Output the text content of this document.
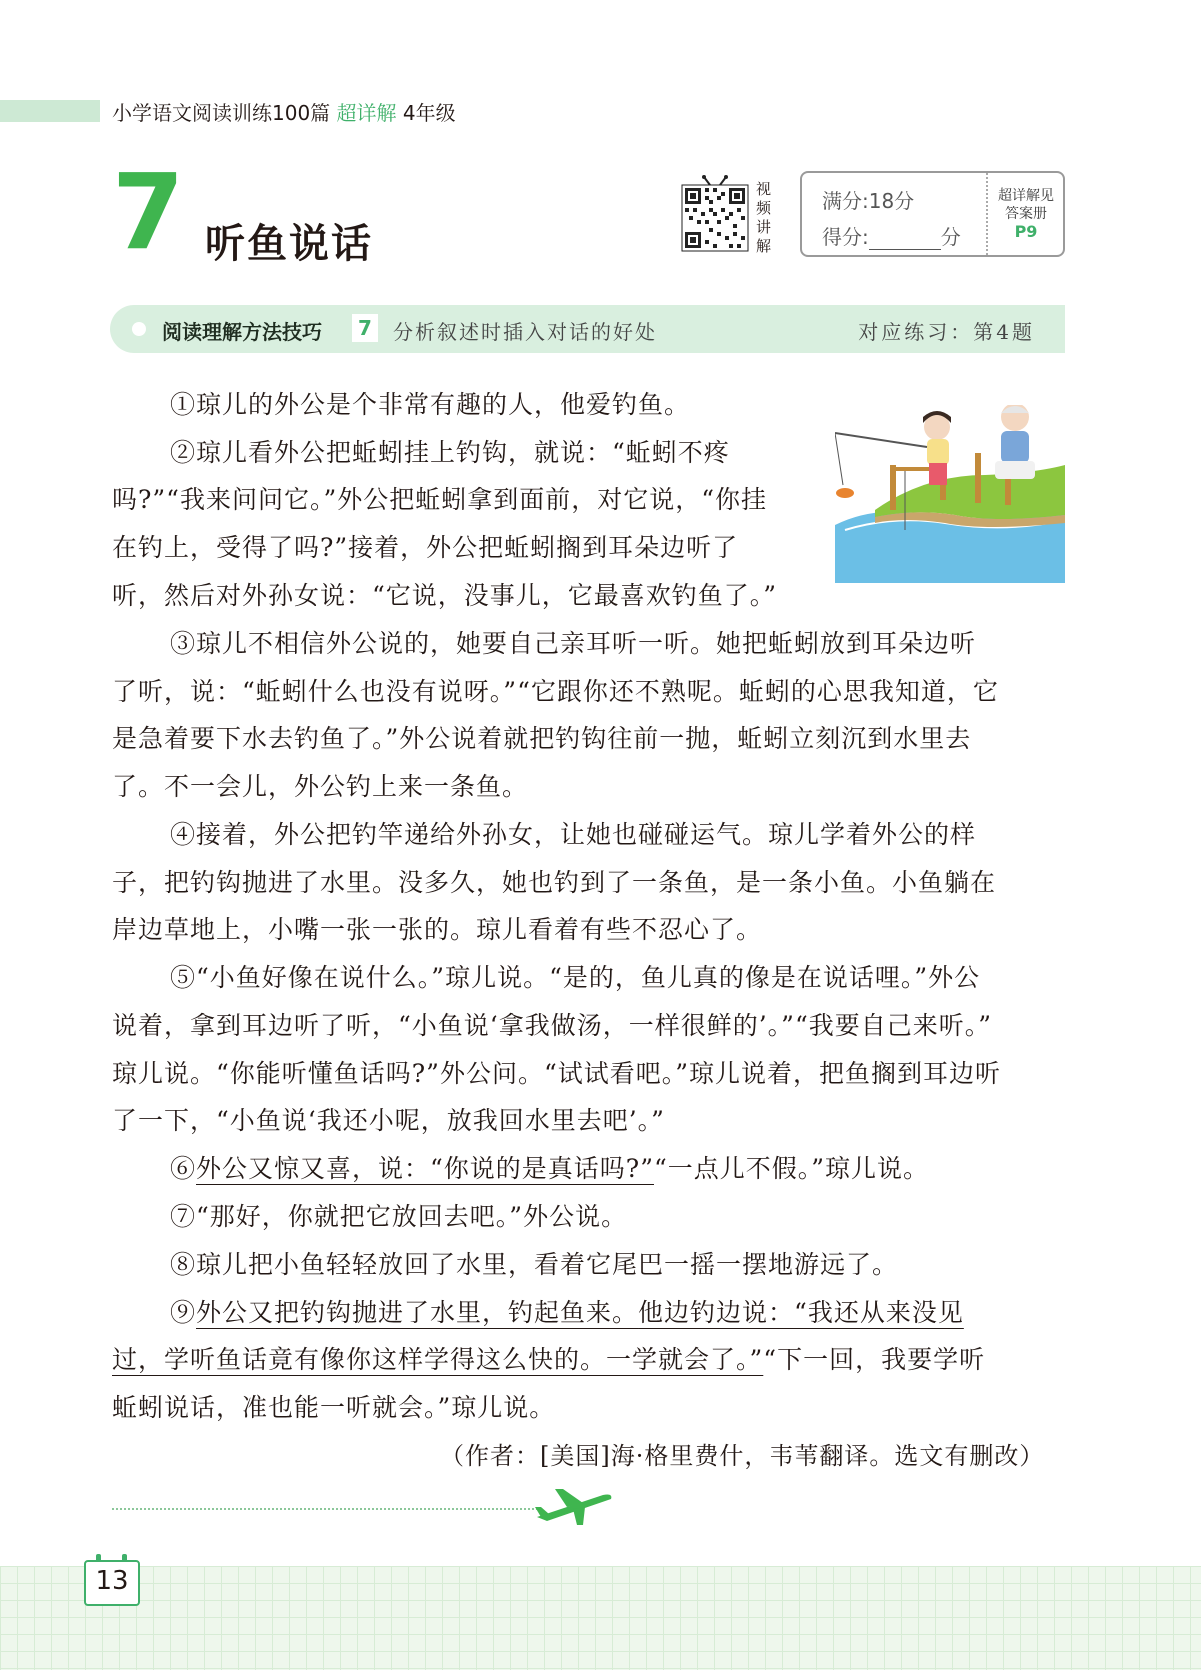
小学语文阅读训练100篇 超详解 4年级
7 听鱼说话
视频讲解
满分:18分
得分:	分
超详解见
答案册
P9
阅读理解方法技巧	7	分析叙述时插入对话的好处	对应练习：第4题
①琼儿的外公是个非常有趣的人，他爱钓鱼。
②琼儿看外公把蚯蚓挂上钓钩，就说：“蚯蚓不疼
吗?”“我来问问它。”外公把蚯蚓拿到面前，对它说，“你挂
在钓上，受得了吗?”接着，外公把蚯蚓搁到耳朵边听了
听，然后对外孙女说：“它说，没事儿，它最喜欢钓鱼了。”
③琼儿不相信外公说的，她要自己亲耳听一听。她把蚯蚓放到耳朵边听
了听，说：“蚯蚓什么也没有说呀。”“它跟你还不熟呢。蚯蚓的心思我知道，它
是急着要下水去钓鱼了。”外公说着就把钓钩往前一抛，蚯蚓立刻沉到水里去
了。不一会儿，外公钓上来一条鱼。
④接着，外公把钓竿递给外孙女，让她也碰碰运气。琼儿学着外公的样
子，把钓钩抛进了水里。没多久，她也钓到了一条鱼，是一条小鱼。小鱼躺在
岸边草地上，小嘴一张一张的。琼儿看着有些不忍心了。
⑤“小鱼好像在说什么。”琼儿说。“是的，鱼儿真的像是在说话哩。”外公
说着，拿到耳边听了听，“小鱼说‘拿我做汤，一样很鲜的’。”“我要自己来听。”
琼儿说。“你能听懂鱼话吗?”外公问。“试试看吧。”琼儿说着，把鱼搁到耳边听
了一下，“小鱼说‘我还小呢，放我回水里去吧’。”
⑥外公又惊又喜，说：“你说的是真话吗?”“一点儿不假。”琼儿说。
⑦“那好，你就把它放回去吧。”外公说。
⑧琼儿把小鱼轻轻放回了水里，看着它尾巴一摇一摆地游远了。
⑨外公又把钓钩抛进了水里，钓起鱼来。他边钓边说：“我还从来没见
过，学听鱼话竟有像你这样学得这么快的。一学就会了。”“下一回，我要学听
蚯蚓说话，准也能一听就会。”琼儿说。
（作者：[美国]海·格里费什，韦苇翻译。选文有删改）
13
